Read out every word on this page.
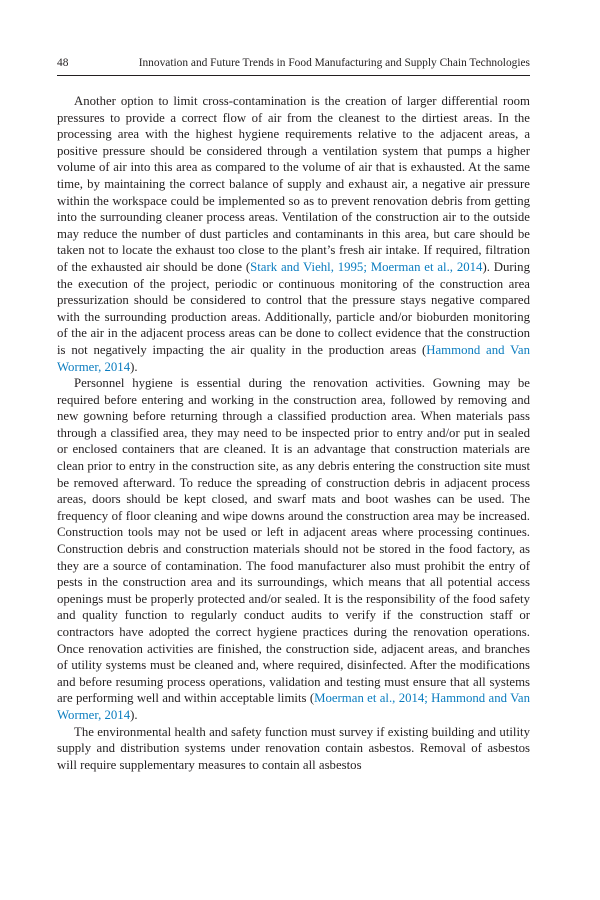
48	Innovation and Future Trends in Food Manufacturing and Supply Chain Technologies

Another option to limit cross-contamination is the creation of larger differential room pressures to provide a correct flow of air from the cleanest to the dirtiest areas. In the processing area with the highest hygiene requirements relative to the adjacent areas, a positive pressure should be considered through a ventilation system that pumps a higher volume of air into this area as compared to the volume of air that is exhausted. At the same time, by maintaining the correct balance of supply and exhaust air, a negative air pressure within the workspace could be implemented so as to prevent renovation debris from getting into the surrounding cleaner process areas. Ventilation of the construction air to the outside may reduce the number of dust particles and contaminants in this area, but care should be taken not to locate the exhaust too close to the plant’s fresh air intake. If required, filtration of the exhausted air should be done (Stark and Viehl, 1995; Moerman et al., 2014). During the execution of the project, periodic or continuous monitoring of the construction area pressurization should be considered to control that the pressure stays negative compared with the surrounding production areas. Additionally, particle and/or bioburden monitoring of the air in the adjacent process areas can be done to collect evidence that the construction is not negatively impacting the air quality in the production areas (Hammond and Van Wormer, 2014).

Personnel hygiene is essential during the renovation activities. Gowning may be required before entering and working in the construction area, followed by removing and new gowning before returning through a classified production area. When materials pass through a classified area, they may need to be inspected prior to entry and/or put in sealed or enclosed containers that are cleaned. It is an advantage that construction materials are clean prior to entry in the construction site, as any debris entering the construction site must be removed afterward. To reduce the spreading of construction debris in adjacent process areas, doors should be kept closed, and swarf mats and boot washes can be used. The frequency of floor cleaning and wipe downs around the construction area may be increased. Construction tools may not be used or left in adjacent areas where processing continues. Construction debris and construction materials should not be stored in the food factory, as they are a source of contamination. The food manufacturer also must prohibit the entry of pests in the construction area and its surroundings, which means that all potential access openings must be properly protected and/​or sealed. It is the responsibility of the food safety and quality function to regularly conduct audits to verify if the construction staff or contractors have adopted the correct hygiene practices during the renovation operations. Once renovation activities are finished, the construction side, adjacent areas, and branches of utility systems must be cleaned and, where required, disinfected. After the modifications and before resuming process operations, validation and testing must ensure that all systems are performing well and within acceptable limits (Moerman et al., 2014; Hammond and Van Wormer, 2014).

The environmental health and safety function must survey if existing building and utility supply and distribution systems under renovation contain asbestos. Removal of asbestos will require supplementary measures to contain all asbestos
